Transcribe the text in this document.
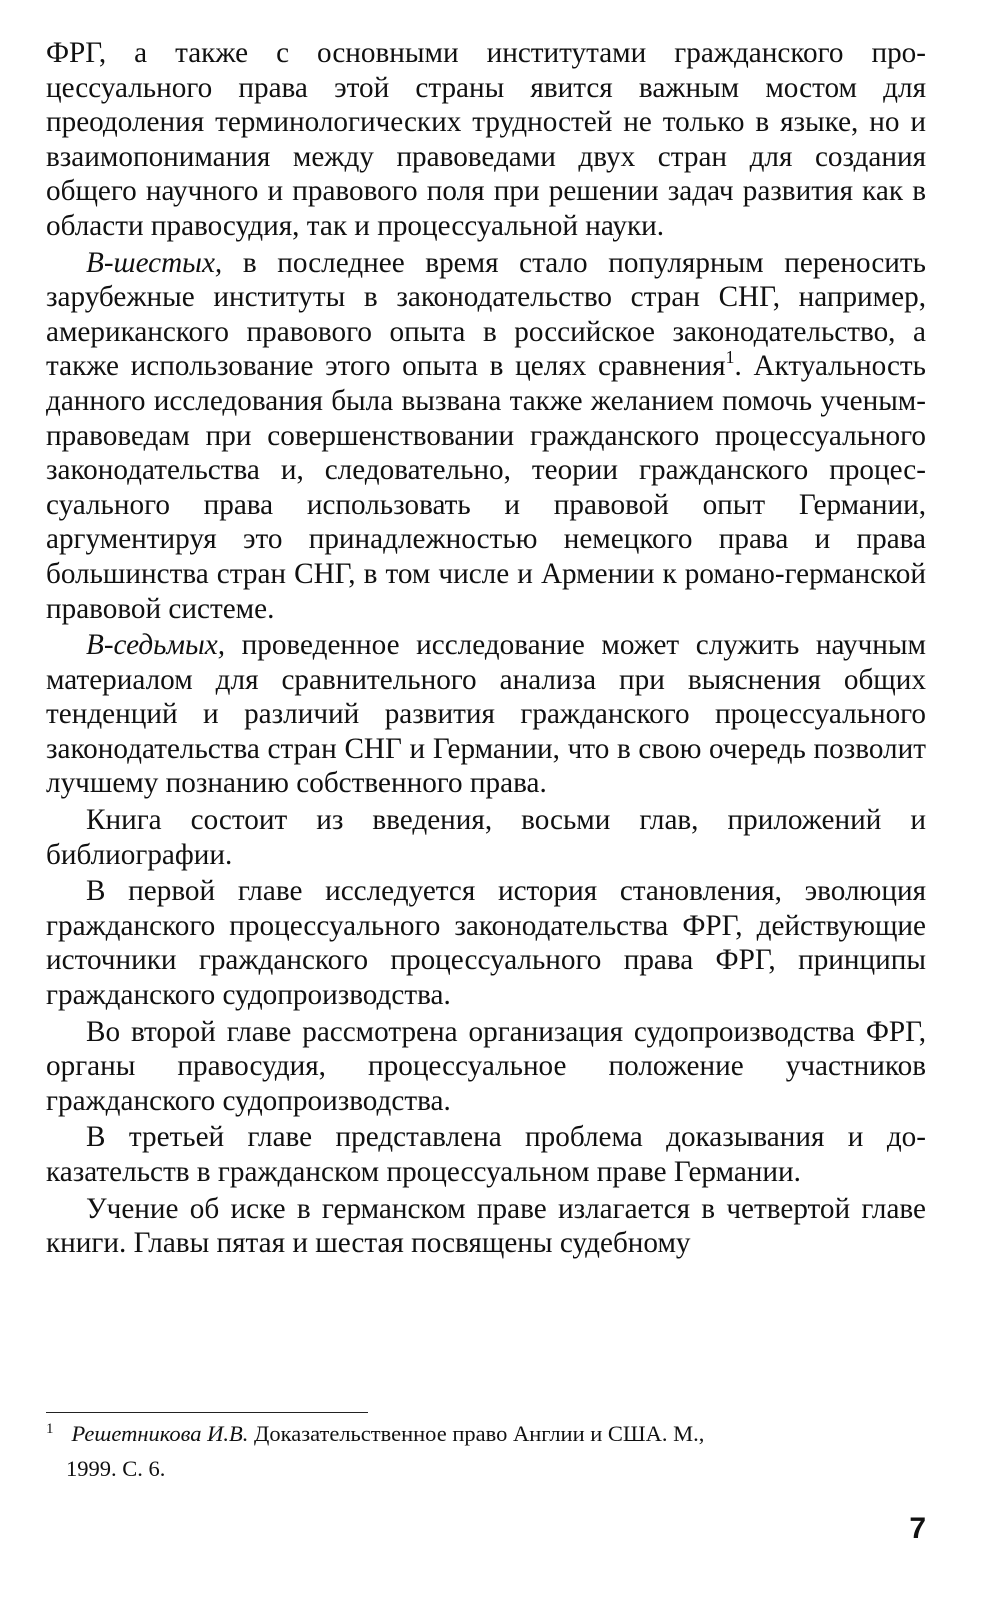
ФРГ, а также с основными институтами гражданского процессуального права этой страны явится важным мостом для преодоления терминологических трудностей не только в языке, но и взаимопонимания между правоведами двух стран для создания общего научного и правового поля при решении задач развития как в области правосудия, так и процессуальной науки.

В-шестых, в последнее время стало популярным переносить зарубежные институты в законодательство стран СНГ, например, американского правового опыта в российское законодательство, а также использование этого опыта в целях сравнения$^1$. Актуальность данного исследования была вызвана также желанием помочь ученым-правоведам при совершенствовании гражданского процессуального законодательства и, следовательно, теории гражданского процессуального права использовать и правовой опыт Германии, аргументируя это принадлежностью немецкого права и права большинства стран СНГ, в том числе и Армении к романо-германской правовой системе.

В-седьмых, проведенное исследование может служить научным материалом для сравнительного анализа при выяснения общих тенденций и различий развития гражданского процессуального законодательства стран СНГ и Германии, что в свою очередь позволит лучшему познанию собственного права.

Книга состоит из введения, восьми глав, приложений и библиографии.

В первой главе исследуется история становления, эволюция гражданского процессуального законодательства ФРГ, действующие источники гражданского процессуального права ФРГ, принципы гражданского судопроизводства.

Во второй главе рассмотрена организация судопроизводства ФРГ, органы правосудия, процессуальное положение участников гражданского судопроизводства.

В третьей главе представлена проблема доказывания и доказательств в гражданском процессуальном праве Германии.

Учение об иске в германском праве излагается в четвертой главе книги. Главы пятая и шестая посвящены судебному

$^1$ Решетникова И.В. Доказательственное право Англии и США. М.,
1999. С. 6.
7
